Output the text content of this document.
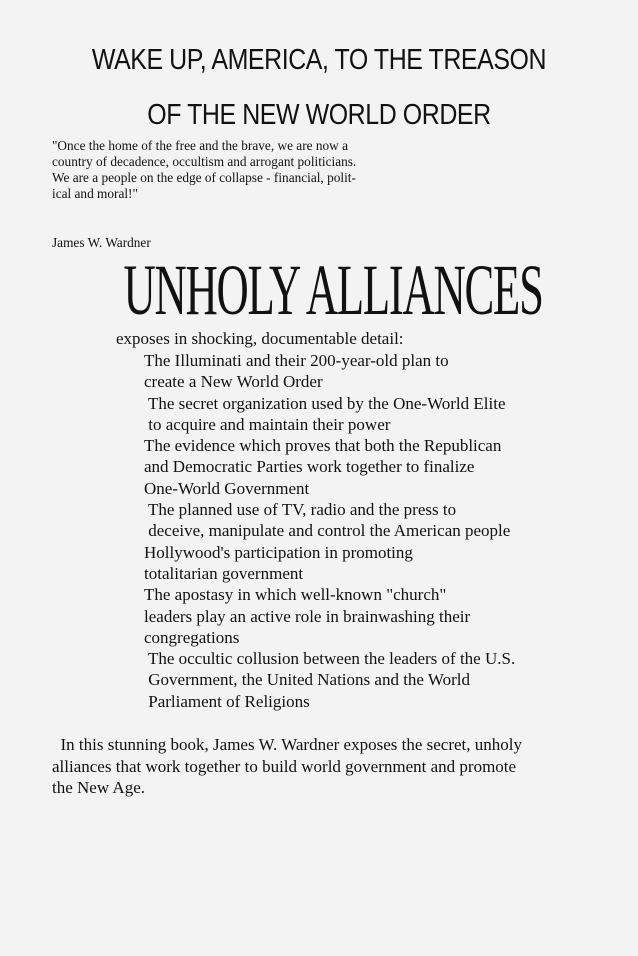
WAKE UP, AMERICA, TO THE TREASON
OF THE NEW WORLD ORDER
"Once the home of the free and the brave, we are now a
country of decadence, occultism and arrogant politicians.
We are a people on the edge of collapse - financial, polit-
ical and moral!"
James W. Wardner
UNHOLY ALLIANCES
exposes in shocking, documentable detail:
The Illuminati and their 200-year-old plan to
create a New World Order
The secret organization used by the One-World Elite
to acquire and maintain their power
The evidence which proves that both the Republican
and Democratic Parties work together to finalize
One-World Government
The planned use of TV, radio and the press to
deceive, manipulate and control the American people
Hollywood's participation in promoting
totalitarian government
The apostasy in which well-known "church"
leaders play an active role in brainwashing their
congregations
The occultic collusion between the leaders of the U.S.
Government, the United Nations and the World
Parliament of Religions
In this stunning book, James W. Wardner exposes the secret, unholy
alliances that work together to build world government and promote
the New Age.
